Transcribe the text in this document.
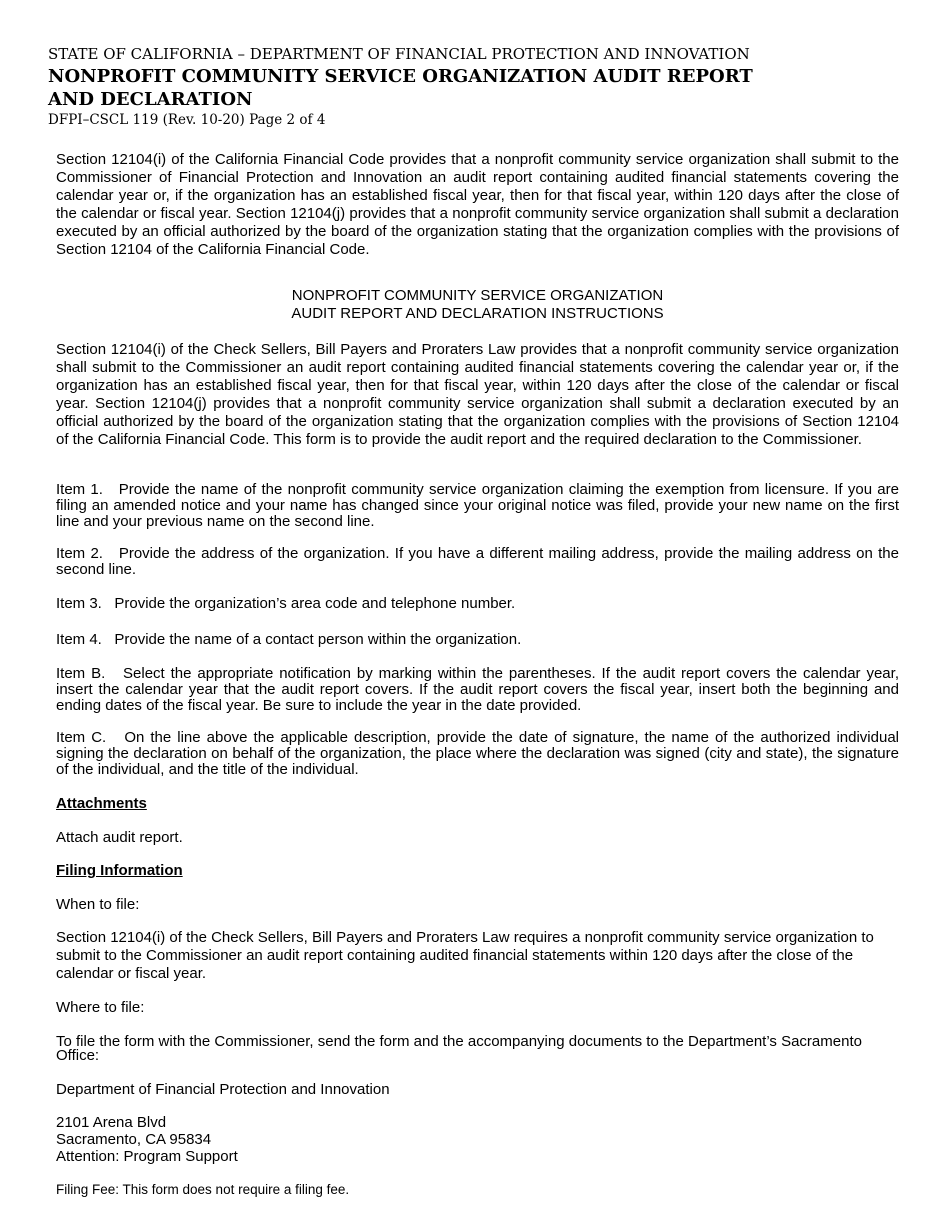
STATE OF CALIFORNIA – DEPARTMENT OF FINANCIAL PROTECTION AND INNOVATION
NONPROFIT COMMUNITY SERVICE ORGANIZATION AUDIT REPORT
AND DECLARATION
DFPI–CSCL 119 (Rev. 10-20) Page 2 of 4
Section 12104(i) of the California Financial Code provides that a nonprofit community service organization shall submit to the Commissioner of Financial Protection and Innovation an audit report containing audited financial statements covering the calendar year or, if the organization has an established fiscal year, then for that fiscal year, within 120 days after the close of the calendar or fiscal year. Section 12104(j) provides that a nonprofit community service organization shall submit a declaration executed by an official authorized by the board of the organization stating that the organization complies with the provisions of Section 12104 of the California Financial Code.
NONPROFIT COMMUNITY SERVICE ORGANIZATION
AUDIT REPORT AND DECLARATION INSTRUCTIONS
Section 12104(i) of the Check Sellers, Bill Payers and Proraters Law provides that a nonprofit community service organization shall submit to the Commissioner an audit report containing audited financial statements covering the calendar year or, if the organization has an established fiscal year, then for that fiscal year, within 120 days after the close of the calendar or fiscal year. Section 12104(j) provides that a nonprofit community service organization shall submit a declaration executed by an official authorized by the board of the organization stating that the organization complies with the provisions of Section 12104 of the California Financial Code. This form is to provide the audit report and the required declaration to the Commissioner.
Item 1. Provide the name of the nonprofit community service organization claiming the exemption from licensure. If you are filing an amended notice and your name has changed since your original notice was filed, provide your new name on the first line and your previous name on the second line.
Item 2. Provide the address of the organization. If you have a different mailing address, provide the mailing address on the second line.
Item 3. Provide the organization’s area code and telephone number.
Item 4. Provide the name of a contact person within the organization.
Item B. Select the appropriate notification by marking within the parentheses. If the audit report covers the calendar year, insert the calendar year that the audit report covers. If the audit report covers the fiscal year, insert both the beginning and ending dates of the fiscal year. Be sure to include the year in the date provided.
Item C. On the line above the applicable description, provide the date of signature, the name of the authorized individual signing the declaration on behalf of the organization, the place where the declaration was signed (city and state), the signature of the individual, and the title of the individual.
Attachments
Attach audit report.
Filing Information
When to file:
Section 12104(i) of the Check Sellers, Bill Payers and Proraters Law requires a nonprofit community service organization to submit to the Commissioner an audit report containing audited financial statements within 120 days after the close of the calendar or fiscal year.
Where to file:
To file the form with the Commissioner, send the form and the accompanying documents to the Department’s Sacramento Office:
Department of Financial Protection and Innovation
2101 Arena Blvd
Sacramento, CA 95834
Attention: Program Support
Filing Fee: This form does not require a filing fee.
